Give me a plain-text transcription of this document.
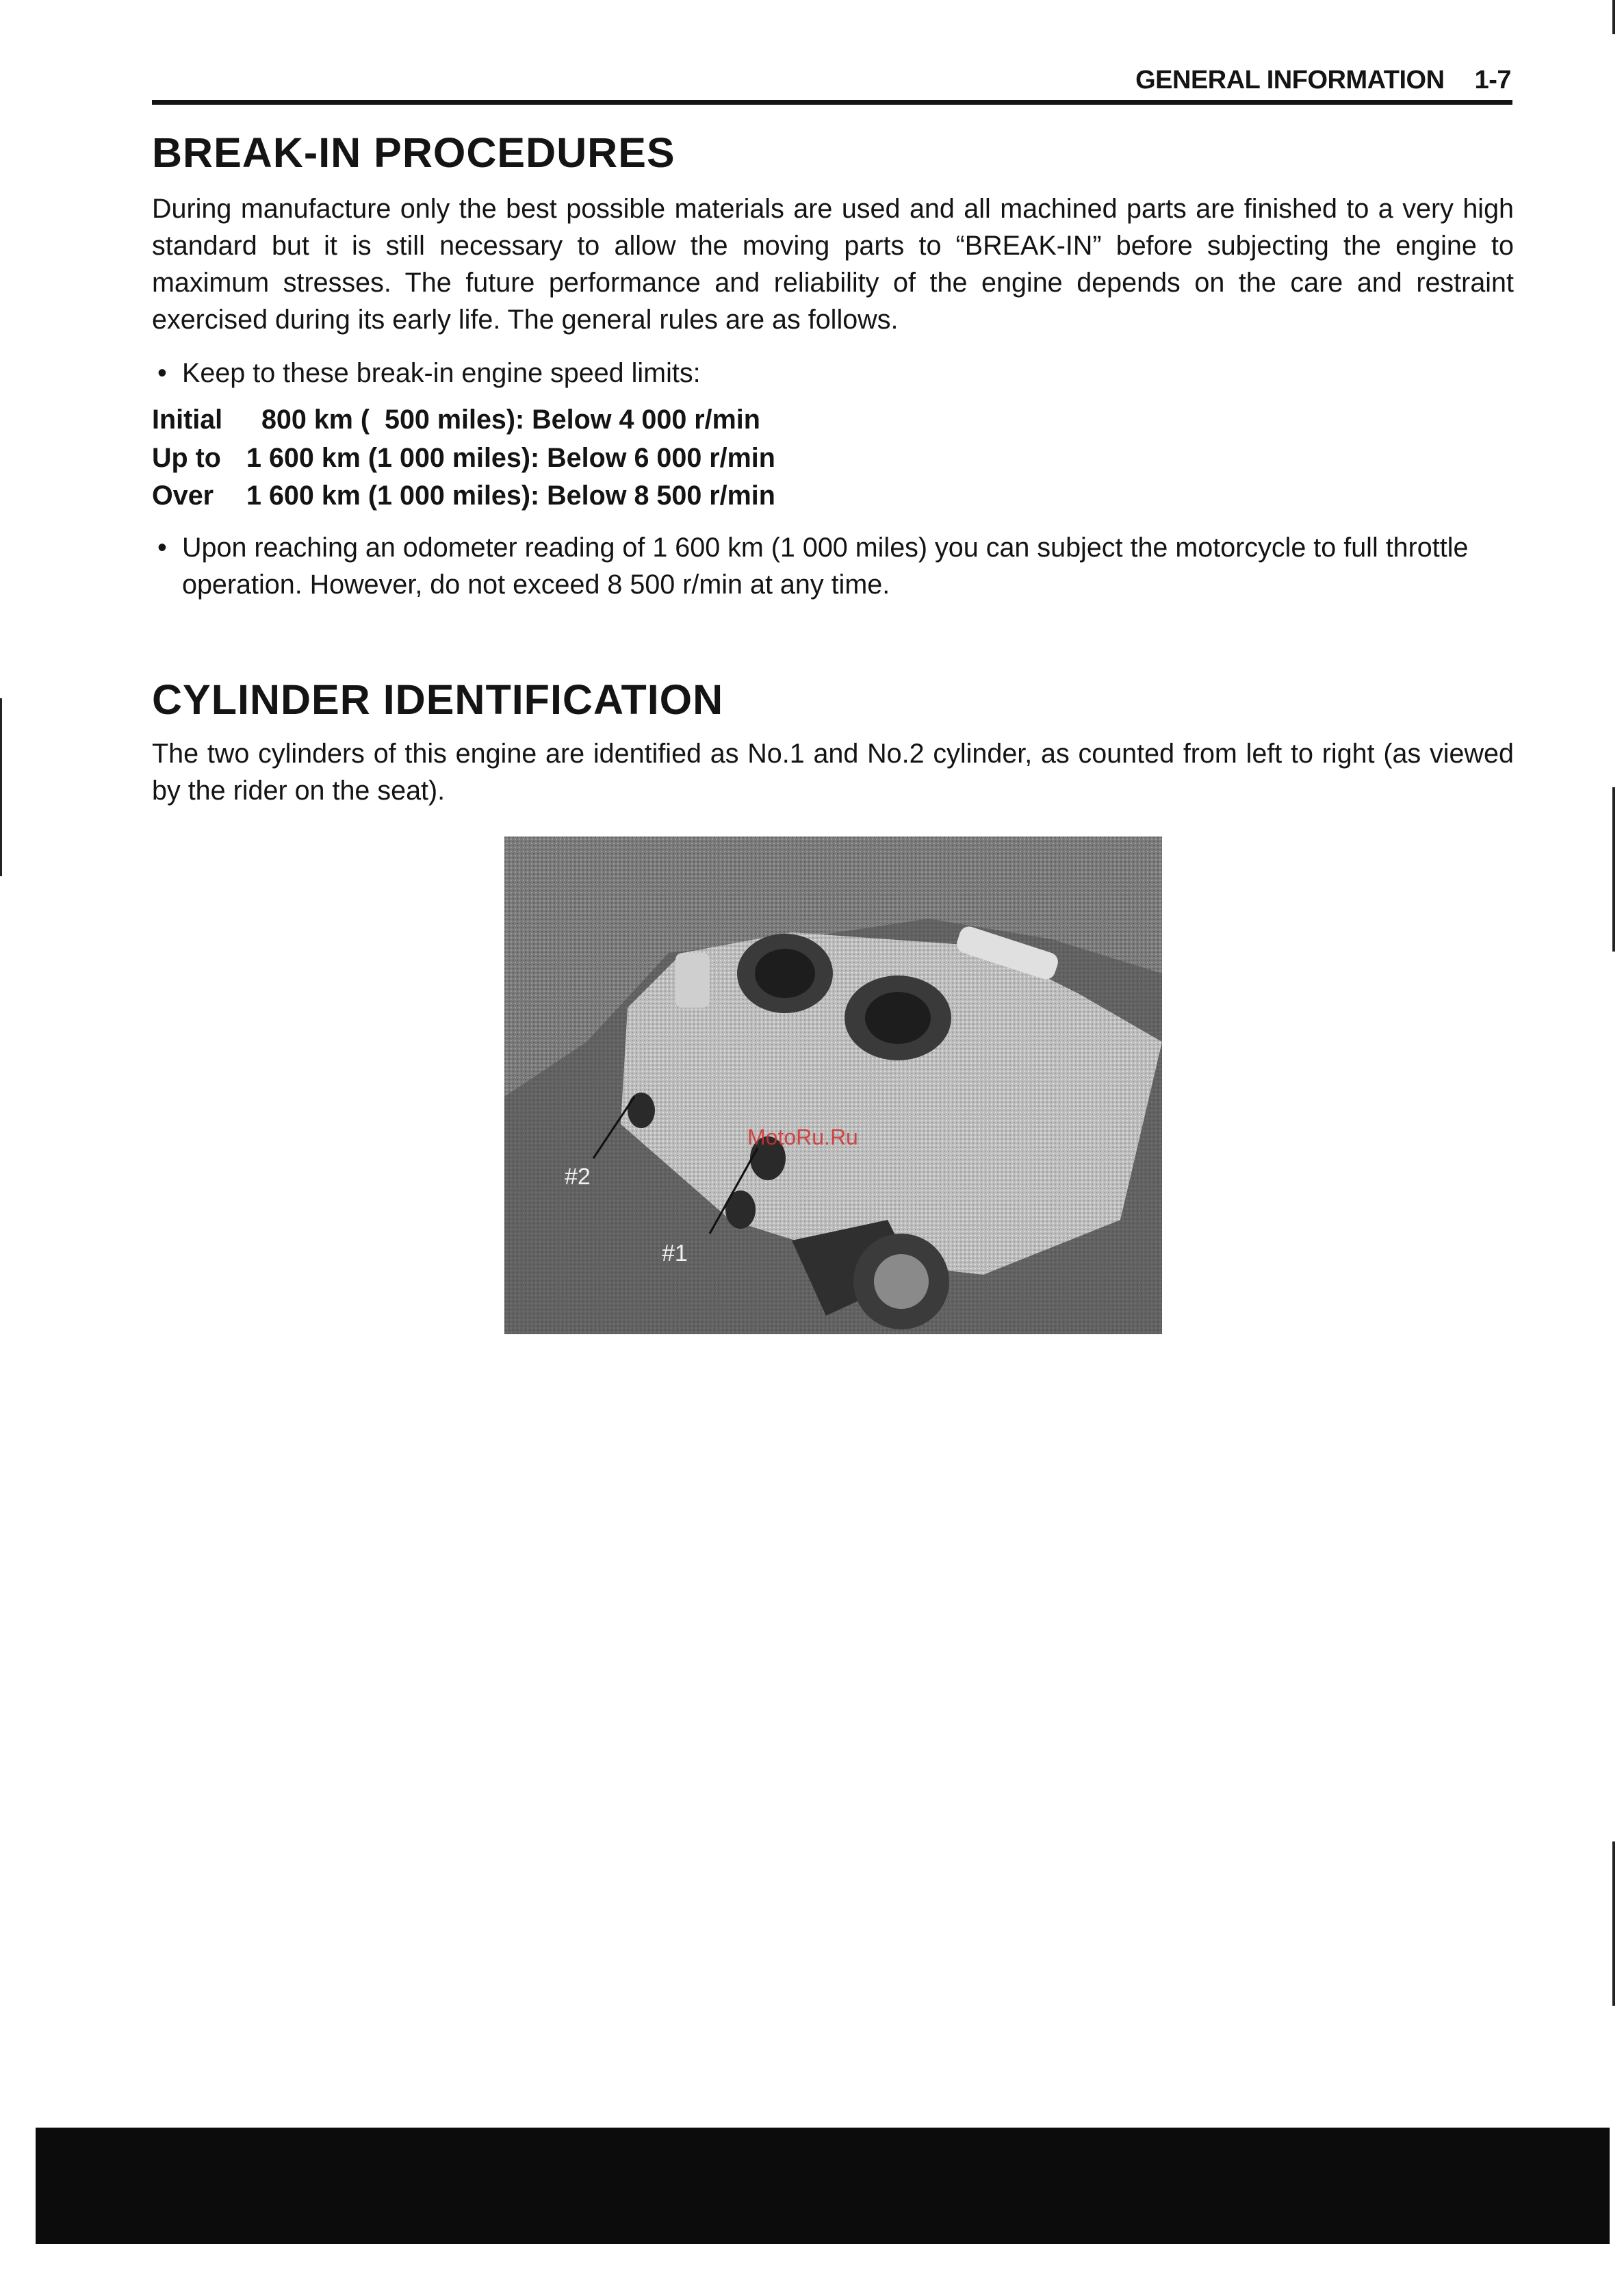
GENERAL INFORMATION 1-7
BREAK-IN PROCEDURES

During manufacture only the best possible materials are used and all machined parts are finished to a very high standard but it is still necessary to allow the moving parts to “BREAK-IN” before subjecting the engine to maximum stresses. The future performance and reliability of the engine depends on the care and restraint exercised during its early life. The general rules are as follows.

• Keep to these break-in engine speed limits:
Initial  800 km (  500 miles): Below 4 000 r/min
Up to 1 600 km (1 000 miles): Below 6 000 r/min
Over 1 600 km (1 000 miles): Below 8 500 r/min
• Upon reaching an odometer reading of 1 600 km (1 000 miles) you can subject the motorcycle to full throttle operation. However, do not exceed 8 500 r/min at any time.
CYLINDER IDENTIFICATION

The two cylinders of this engine are identified as No.1 and No.2 cylinder, as counted from left to right (as viewed by the rider on the seat).

#2
#1
MotoRu.Ru
